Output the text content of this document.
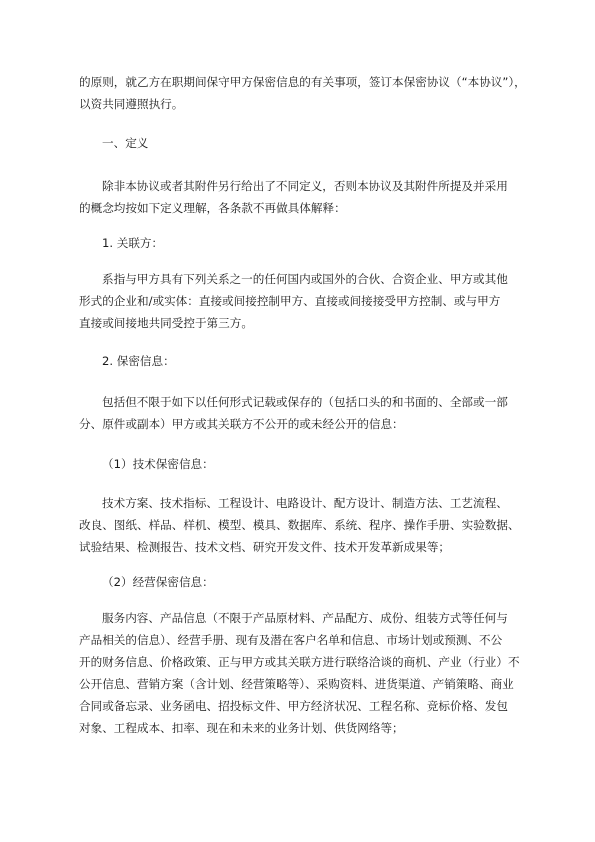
的原则，就乙方在职期间保守甲方保密信息的有关事项，签订本保密协议（“本协议”），
以资共同遵照执行。
一、定义
除非本协议或者其附件另行给出了不同定义，否则本协议及其附件所提及并采用
的概念均按如下定义理解，各条款不再做具体解释：
1. 关联方：
系指与甲方具有下列关系之一的任何国内或国外的合伙、合资企业、甲方或其他
形式的企业和/或实体：直接或间接控制甲方、直接或间接接受甲方控制、或与甲方
直接或间接地共同受控于第三方。
2. 保密信息：
包括但不限于如下以任何形式记载或保存的（包括口头的和书面的、全部或一部
分、原件或副本）甲方或其关联方不公开的或未经公开的信息：
（1）技术保密信息：
技术方案、技术指标、工程设计、电路设计、配方设计、制造方法、工艺流程、
改良、图纸、样品、样机、模型、模具、数据库、系统、程序、操作手册、实验数据、
试验结果、检测报告、技术文档、研究开发文件、技术开发革新成果等；
（2）经营保密信息：
服务内容、产品信息（不限于产品原材料、产品配方、成份、组装方式等任何与
产品相关的信息）、经营手册、现有及潜在客户名单和信息、市场计划或预测、不公
开的财务信息、价格政策、正与甲方或其关联方进行联络洽谈的商机、产业（行业）不
公开信息、营销方案（含计划、经营策略等）、采购资料、进货渠道、产销策略、商业
合同或备忘录、业务函电、招投标文件、甲方经济状况、工程名称、竞标价格、发包
对象、工程成本、扣率、现在和未来的业务计划、供货网络等；
